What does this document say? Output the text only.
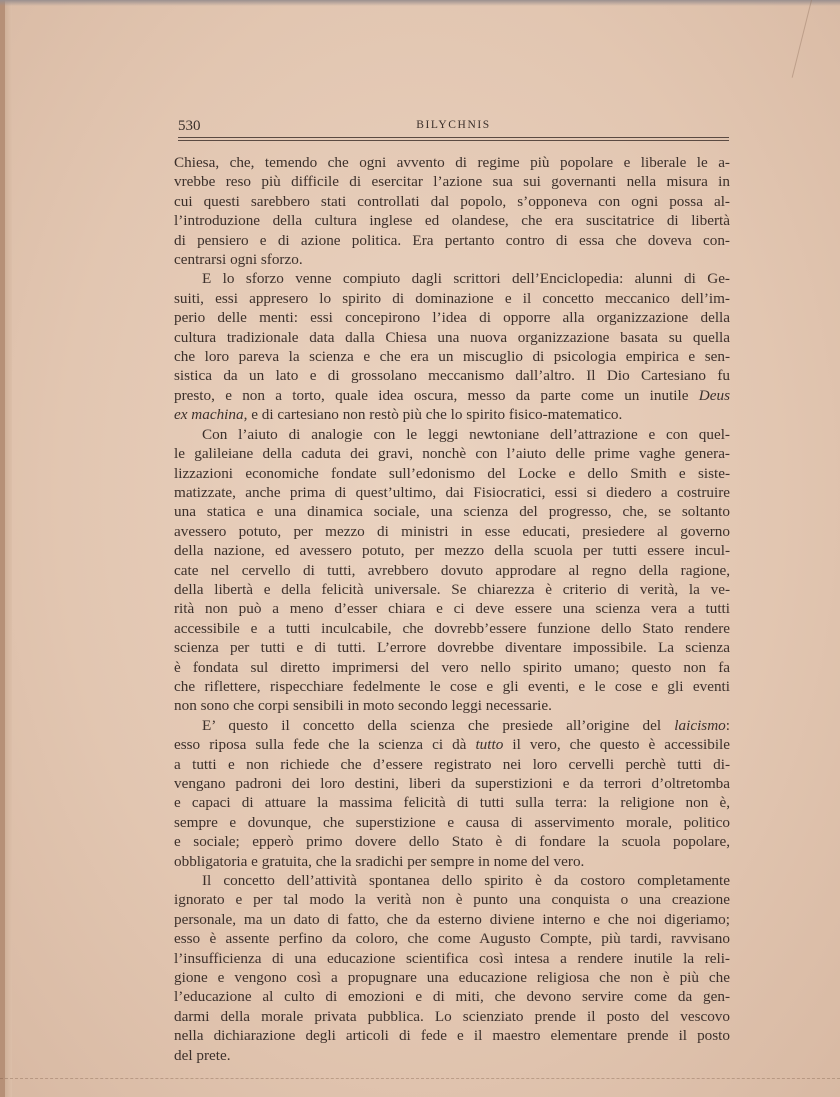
530	BILYCHNIS
Chiesa, che, temendo che ogni avvento di regime più popolare e liberale le a-
vrebbe reso più difficile di esercitar l’azione sua sui governanti nella misura in
cui questi sarebbero stati controllati dal popolo, s’opponeva con ogni possa al-
l’introduzione della cultura inglese ed olandese, che era suscitatrice di libertà
di pensiero e di azione politica. Era pertanto contro di essa che doveva con-
centrarsi ogni sforzo.
E lo sforzo venne compiuto dagli scrittori dell’Enciclopedia: alunni di Ge-
suiti, essi appresero lo spirito di dominazione e il concetto meccanico dell’im-
perio delle menti: essi concepirono l’idea di opporre alla organizzazione della
cultura tradizionale data dalla Chiesa una nuova organizzazione basata su quella
che loro pareva la scienza e che era un miscuglio di psicologia empirica e sen-
sistica da un lato e di grossolano meccanismo dall’altro. Il Dio Cartesiano fu
presto, e non a torto, quale idea oscura, messo da parte come un inutile Deus
ex machina, e di cartesiano non restò più che lo spirito fisico-matematico.
Con l’aiuto di analogie con le leggi newtoniane dell’attrazione e con quel-
le galileiane della caduta dei gravi, nonchè con l’aiuto delle prime vaghe genera-
lizzazioni economiche fondate sull’edonismo del Locke e dello Smith e siste-
matizzate, anche prima di quest’ultimo, dai Fisiocratici, essi si diedero a costruire
una statica e una dinamica sociale, una scienza del progresso, che, se soltanto
avessero potuto, per mezzo di ministri in esse educati, presiedere al governo
della nazione, ed avessero potuto, per mezzo della scuola per tutti essere incul-
cate nel cervello di tutti, avrebbero dovuto approdare al regno della ragione,
della libertà e della felicità universale. Se chiarezza è criterio di verità, la ve-
rità non può a meno d’esser chiara e ci deve essere una scienza vera a tutti
accessibile e a tutti inculcabile, che dovrebb’essere funzione dello Stato rendere
scienza per tutti e di tutti. L’errore dovrebbe diventare impossibile. La scienza
è fondata sul diretto imprimersi del vero nello spirito umano; questo non fa
che riflettere, rispecchiare fedelmente le cose e gli eventi, e le cose e gli eventi
non sono che corpi sensibili in moto secondo leggi necessarie.
E’ questo il concetto della scienza che presiede all’origine del laicismo:
esso riposa sulla fede che la scienza ci dà tutto il vero, che questo è accessibile
a tutti e non richiede che d’essere registrato nei loro cervelli perchè tutti di-
vengano padroni dei loro destini, liberi da superstizioni e da terrori d’oltretomba
e capaci di attuare la massima felicità di tutti sulla terra: la religione non è,
sempre e dovunque, che superstizione e causa di asservimento morale, politico
e sociale; epperò primo dovere dello Stato è di fondare la scuola popolare,
obbligatoria e gratuita, che la sradichi per sempre in nome del vero.
Il concetto dell’attività spontanea dello spirito è da costoro completamente
ignorato e per tal modo la verità non è punto una conquista o una creazione
personale, ma un dato di fatto, che da esterno diviene interno e che noi digeriamo;
esso è assente perfino da coloro, che come Augusto Compte, più tardi, ravvisano
l’insufficienza di una educazione scientifica così intesa a rendere inutile la reli-
gione e vengono così a propugnare una educazione religiosa che non è più che
l’educazione al culto di emozioni e di miti, che devono servire come da gen-
darmi della morale privata pubblica. Lo scienziato prende il posto del vescovo
nella dichiarazione degli articoli di fede e il maestro elementare prende il posto
del prete.
